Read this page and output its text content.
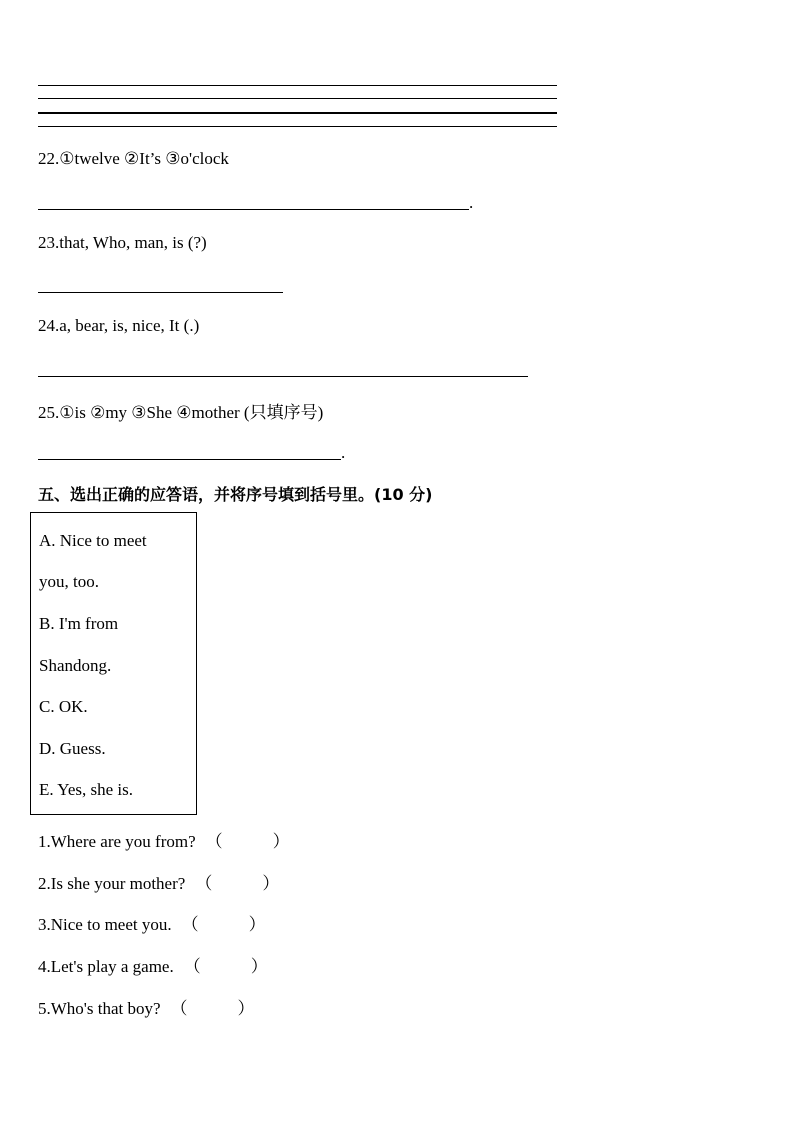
22.①twelve ②It’s ③o'clock
.
23.that, Who, man, is (?)
24.a, bear, is, nice, It (.)
25.①is ②my ③She ④mother (只填序号)
.
五、选出正确的应答语，并将序号填到括号里。(10 分)
A. Nice to meet
you, too.
B. I'm from
Shandong.
C. OK.
D. Guess.
E. Yes, she is.
1.Where are you from? （	）
2.Is she your mother? （	）
3.Nice to meet you. （	）
4.Let's play a game. （	）
5.Who's that boy? （	）
